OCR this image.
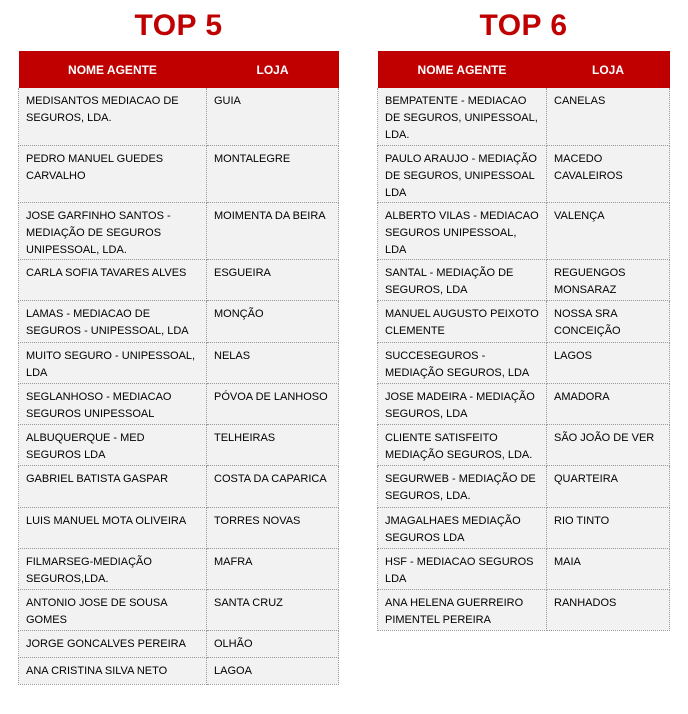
TOP 5
NOME AGENTE	LOJA

MEDISANTOS MEDIACAO DE SEGUROS, LDA.	GUIA

PEDRO MANUEL GUEDES CARVALHO	MONTALEGRE

JOSE GARFINHO SANTOS - MEDIAÇÃO DE SEGUROS UNIPESSOAL, LDA.	MOIMENTA DA BEIRA

CARLA SOFIA TAVARES ALVES	ESGUEIRA

LAMAS - MEDIACAO DE SEGUROS - UNIPESSOAL, LDA	MONÇÃO

MUITO SEGURO - UNIPESSOAL, LDA	NELAS

SEGLANHOSO - MEDIACAO SEGUROS UNIPESSOAL	PÓVOA DE LANHOSO

ALBUQUERQUE - MED SEGUROS LDA	TELHEIRAS

GABRIEL BATISTA GASPAR	COSTA DA CAPARICA

LUIS MANUEL MOTA OLIVEIRA	TORRES NOVAS

FILMARSEG-MEDIAÇÃO SEGUROS,LDA.	MAFRA

ANTONIO JOSE DE SOUSA GOMES	SANTA CRUZ

JORGE GONCALVES PEREIRA	OLHÃO

ANA CRISTINA SILVA NETO	LAGOA
TOP 6
NOME AGENTE	LOJA

BEMPATENTE - MEDIACAO DE SEGUROS, UNIPESSOAL, LDA.	CANELAS

PAULO ARAUJO - MEDIAÇÃO DE SEGUROS, UNIPESSOAL LDA	MACEDO CAVALEIROS

ALBERTO VILAS - MEDIACAO SEGUROS UNIPESSOAL, LDA	VALENÇA

SANTAL - MEDIAÇÃO DE SEGUROS, LDA	REGUENGOS MONSARAZ

MANUEL AUGUSTO PEIXOTO CLEMENTE	NOSSA SRA CONCEIÇÃO

SUCCESEGUROS - MEDIAÇÃO SEGUROS, LDA	LAGOS

JOSE MADEIRA - MEDIAÇÃO SEGUROS, LDA	AMADORA

CLIENTE SATISFEITO MEDIAÇÃO SEGUROS, LDA.	SÃO JOÃO DE VER

SEGURWEB - MEDIAÇÃO DE SEGUROS, LDA.	QUARTEIRA

JMAGALHAES MEDIAÇÃO SEGUROS LDA	RIO TINTO

HSF - MEDIACAO SEGUROS LDA	MAIA

ANA HELENA GUERREIRO PIMENTEL PEREIRA	RANHADOS
